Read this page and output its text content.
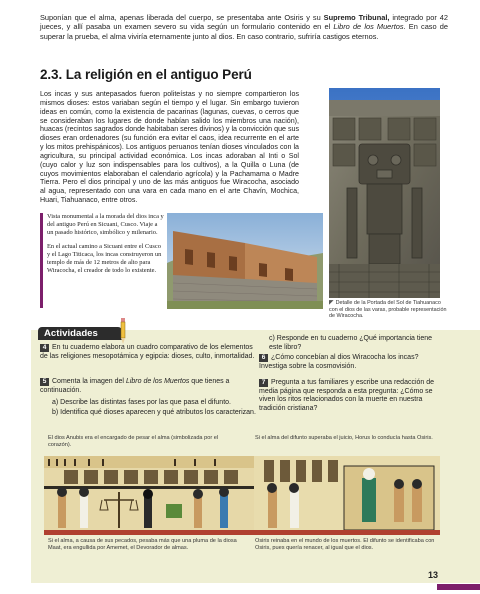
Suponían que el alma, apenas liberada del cuerpo, se presentaba ante Osiris y su Supremo Tribunal, integrado por 42 jueces, y allí pasaba un examen severo su vida según un formulario contenido en el Libro de los Muertos. En caso de superar la prueba, el alma viviría eternamente junto al dios. En caso contrario, sufriría castigos eternos.
2.3. La religión en el antiguo Perú
Los incas y sus antepasados fueron politeístas y no siempre compartieron los mismos dioses: estos variaban según el tiempo y el lugar. Sin embargo tuvieron ideas en común, como la existencia de pacarinas (lagunas, cuevas, o cerros que se consideraban los lugares de donde habían salido los miembros una nación), huacas (recintos sagrados donde habitaban seres divinos) y la convicción que sus dioses eran ordenadores (su función era evitar el caos, idea recurrente en el arte y los mitos prehispánicos). Los antiguos peruanos tenían dioses vinculados con la agricultura, su principal actividad económica. Los incas adoraban al Inti o Sol (cuyo calor y luz son indispensables para los cultivos), a la Quilla o Luna (de cuyos movimientos elaboraban el calendario agrícola) y la Pachamama o Madre Tierra. Pero el dios principal y uno de las más antiguos fue Wiracocha, asociado al agua, representado con una vara en cada mano en el arte Chavín, Mochica, Huari, Tiahuanaco, entre otros.
◤ Detalle de la Portada del Sol de Tiahuanaco con el dios de las varas, probable representación de Wiracocha.

Vista monumental a la morada del dios inca y del antiguo Perú en Sicuani, Cusco. Viaje a un pasado histórico, simbólico y milenario.

En el actual camino a Sicuani entre el Cusco y el Lago Titicaca, los incas construyeron un templo de más de 12 metros de alto para Wiracocha, el creador de todo lo existente.

Actividades
4 En tu cuaderno elabora un cuadro comparativo de los elementos de las religiones mesopotámica y egipcia: dioses, culto, inmortalidad.
5 Comenta la imagen del Libro de los Muertos que tienes a continuación.
a) Describe las distintas fases por las que pasa el difunto.
b) Identifica qué dioses aparecen y qué atributos los caracterizan.
c) Responde en tu cuaderno ¿Qué importancia tiene este libro?
6 ¿Cómo concebían al dios Wiracocha los incas? Investiga sobre la cosmovisión.
7 Pregunta a tus familiares y escribe una redacción de media página que responda a esta pregunta: ¿Cómo se viven los ritos relacionados con la muerte en nuestra tradición cristiana?
El dios Anubis era el encargado de pesar el alma (simbolizada por el corazón).
Si el alma del difunto superaba el juicio, Horus lo conducía hasta Osiris.
Si el alma, a causa de sus pecados, pesaba más que una pluma de la diosa Maat, era engullida por Amemet, el Devorador de almas.
Osiris reinaba en el mundo de los muertos. El difunto se identificaba con Osiris, pues quería renacer, al igual que el dios.
13
